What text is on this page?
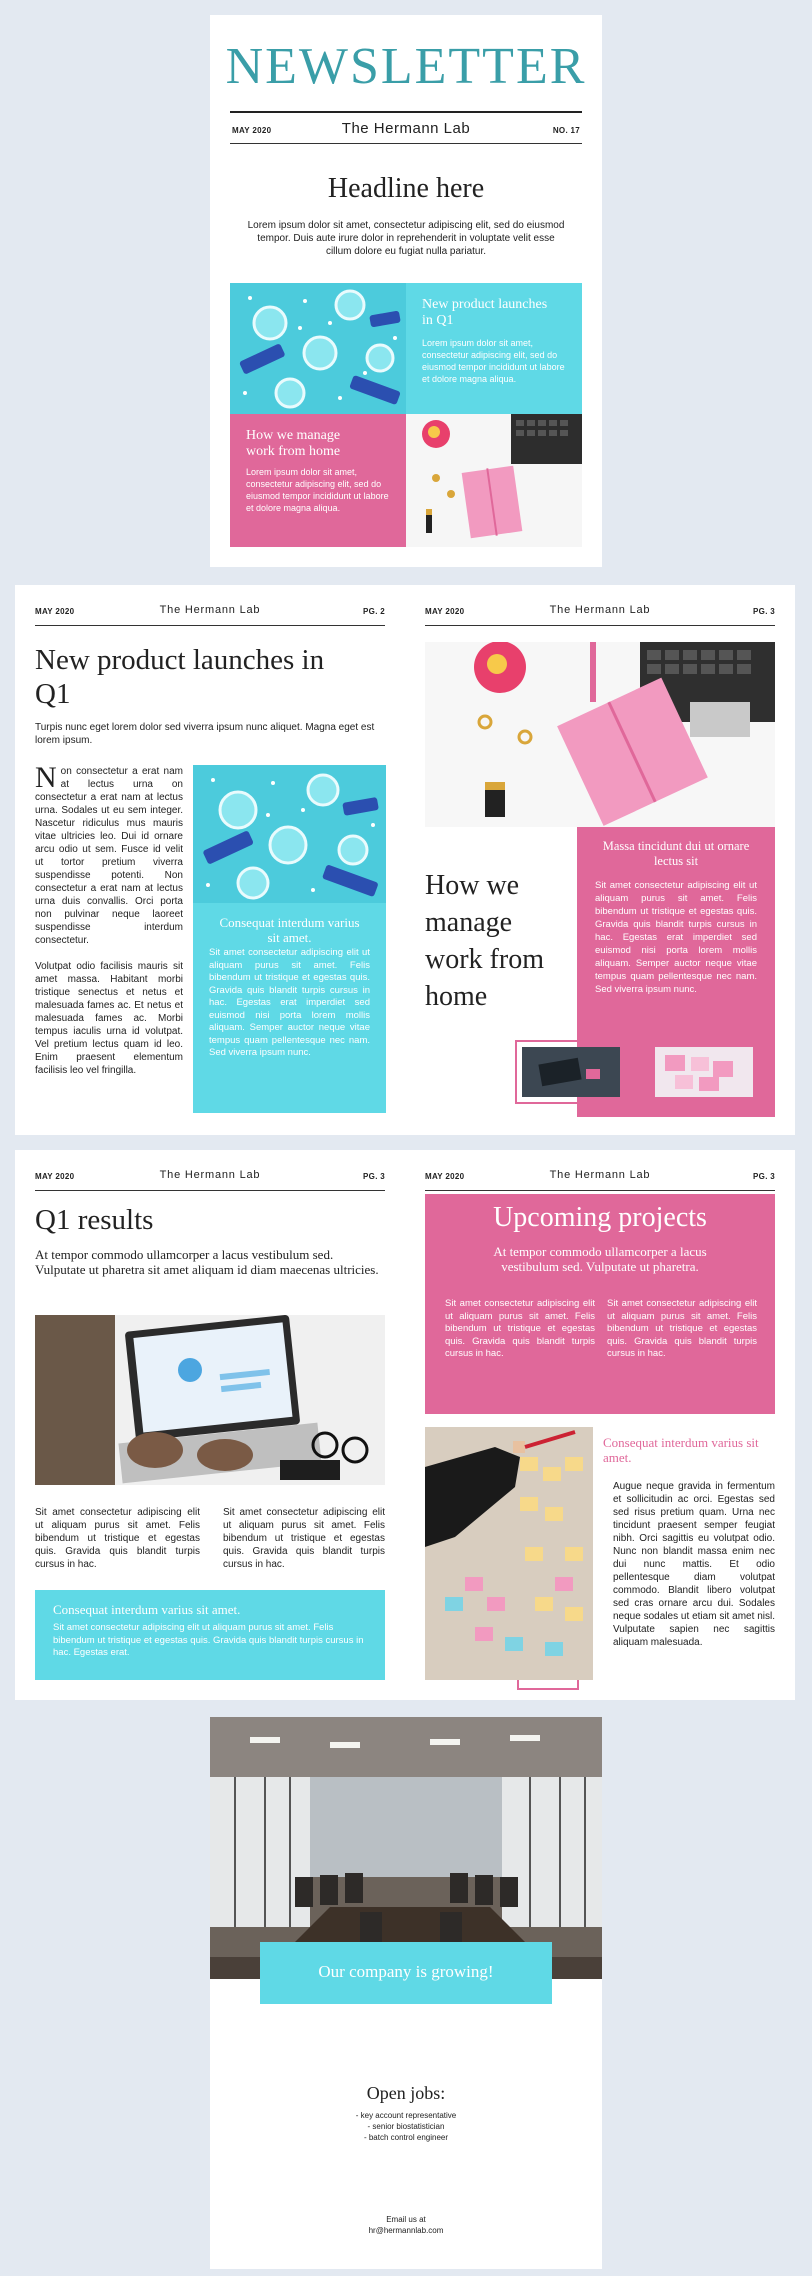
NEWSLETTER
MAY 2020	The Hermann Lab	NO. 17
Headline here
Lorem ipsum dolor sit amet, consectetur adipiscing elit, sed do eiusmod tempor. Duis aute irure dolor in reprehenderit in voluptate velit esse cillum dolore eu fugiat nulla pariatur.
New product launches in Q1
Lorem ipsum dolor sit amet, consectetur adipiscing elit, sed do eiusmod tempor incididunt ut labore et dolore magna aliqua.
How we manage work from home
Lorem ipsum dolor sit amet, consectetur adipiscing elit, sed do eiusmod tempor incididunt ut labore et dolore magna aliqua.
MAY 2020	The Hermann Lab	PG. 2
New product launches in Q1
Turpis nunc eget lorem dolor sed viverra ipsum nunc aliquet. Magna eget est lorem ipsum.
N on consectetur a erat nam at lectus urna on consectetur a erat nam at lectus urna. Sodales ut eu sem integer. Nascetur ridiculus mus mauris vitae ultricies leo. Dui id ornare arcu odio ut sem. Fusce id velit ut tortor pretium viverra suspendisse potenti. Non consectetur a erat nam at lectus urna duis convallis. Orci porta non pulvinar neque laoreet suspendisse interdum consectetur.

Volutpat odio facilisis mauris sit amet massa. Habitant morbi tristique senectus et netus et malesuada fames ac. Et netus et malesuada fames ac. Morbi tempus iaculis urna id volutpat. Vel pretium lectus quam id leo. Enim praesent elementum facilisis leo vel fringilla.

Consequat interdum varius sit amet.
Sit amet consectetur adipiscing elit ut aliquam purus sit amet. Felis bibendum ut tristique et egestas quis. Gravida quis blandit turpis cursus in hac. Egestas erat imperdiet sed euismod nisi porta lorem mollis aliquam. Semper auctor neque vitae tempus quam pellentesque nec nam. Sed viverra ipsum nunc.
MAY 2020	The Hermann Lab	PG. 3
How we manage work from home
Massa tincidunt dui ut ornare lectus sit
Sit amet consectetur adipiscing elit ut aliquam purus sit amet. Felis bibendum ut tristique et egestas quis. Gravida quis blandit turpis cursus in hac. Egestas erat imperdiet sed euismod nisi porta lorem mollis aliquam. Semper auctor neque vitae tempus quam pellentesque nec nam. Sed viverra ipsum nunc.
MAY 2020	The Hermann Lab	PG. 3
Q1 results
At tempor commodo ullamcorper a lacus vestibulum sed. Vulputate ut pharetra sit amet aliquam id diam maecenas ultricies.
Sit amet consectetur adipiscing elit ut aliquam purus sit amet. Felis bibendum ut tristique et egestas quis. Gravida quis blandit turpis cursus in hac.
Sit amet consectetur adipiscing elit ut aliquam purus sit amet. Felis bibendum ut tristique et egestas quis. Gravida quis blandit turpis cursus in hac.
Consequat interdum varius sit amet.
Sit amet consectetur adipiscing elit ut aliquam purus sit amet. Felis bibendum ut tristique et egestas quis. Gravida quis blandit turpis cursus in hac. Egestas erat.
MAY 2020	The Hermann Lab	PG. 3
Upcoming projects
At tempor commodo ullamcorper a lacus vestibulum sed. Vulputate ut pharetra.
Sit amet consectetur adipiscing elit ut aliquam purus sit amet. Felis bibendum ut tristique et egestas quis. Gravida quis blandit turpis cursus in hac.
Sit amet consectetur adipiscing elit ut aliquam purus sit amet. Felis bibendum ut tristique et egestas quis. Gravida quis blandit turpis cursus in hac.
Consequat interdum varius sit amet.
Augue neque gravida in fermentum et sollicitudin ac orci. Egestas sed sed risus pretium quam. Urna nec tincidunt praesent semper feugiat nibh. Orci sagittis eu volutpat odio. Nunc non blandit massa enim nec dui nunc mattis. Et odio pellentesque diam volutpat commodo. Blandit libero volutpat sed cras ornare arcu dui. Sodales neque sodales ut etiam sit amet nisl. Vulputate sapien nec sagittis aliquam malesuada.
Our company is growing!
Open jobs:
- key account representative
- senior biostatistician
- batch control engineer
Email us at
hr@hermannlab.com
